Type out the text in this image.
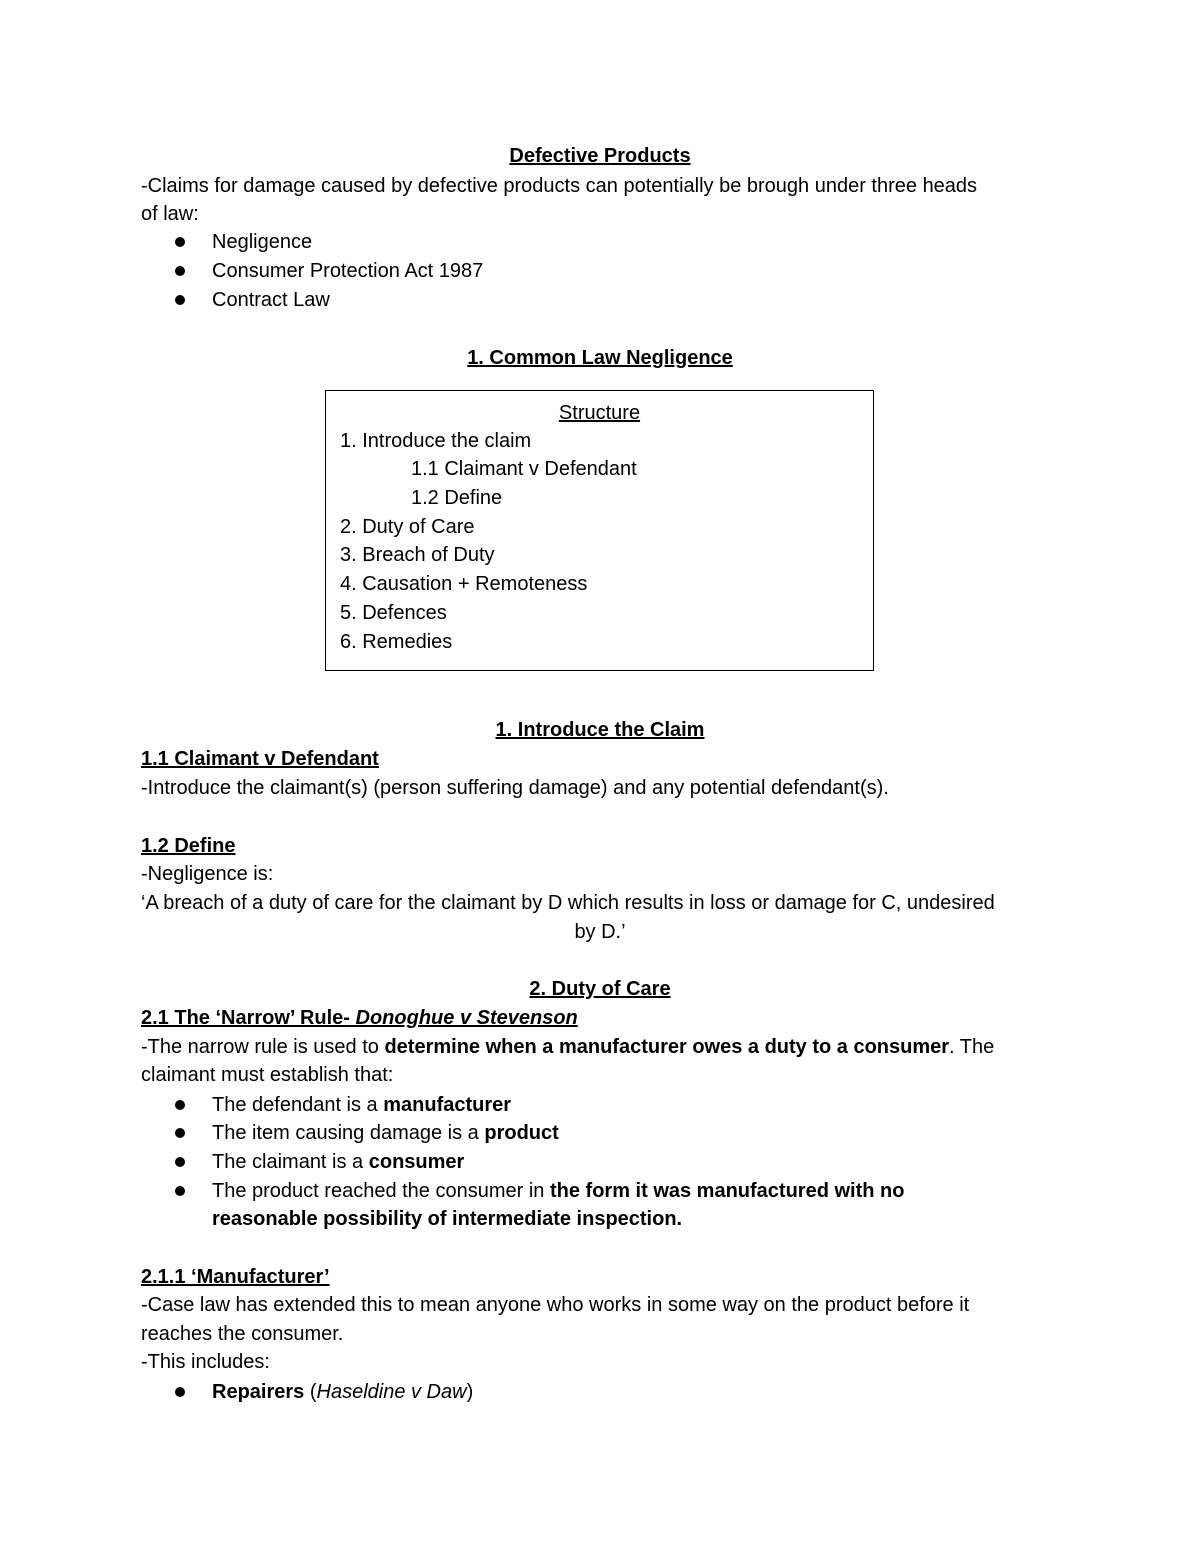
Defective Products
-Claims for damage caused by defective products can potentially be brough under three heads
of law:
Negligence
Consumer Protection Act 1987
Contract Law
1. Common Law Negligence
Structure
1. Introduce the claim
1.1 Claimant v Defendant
1.2 Define
2. Duty of Care
3. Breach of Duty
4. Causation + Remoteness
5. Defences
6. Remedies
1. Introduce the Claim
1.1 Claimant v Defendant
-Introduce the claimant(s) (person suffering damage) and any potential defendant(s).
1.2 Define
-Negligence is:
‘A breach of a duty of care for the claimant by D which results in loss or damage for C, undesired
by D.’
2. Duty of Care
2.1 The ‘Narrow’ Rule- Donoghue v Stevenson
-The narrow rule is used to determine when a manufacturer owes a duty to a consumer. The
claimant must establish that:
The defendant is a manufacturer
The item causing damage is a product
The claimant is a consumer
The product reached the consumer in the form it was manufactured with no
reasonable possibility of intermediate inspection.
2.1.1 ‘Manufacturer’
-Case law has extended this to mean anyone who works in some way on the product before it
reaches the consumer.
-This includes:
Repairers (Haseldine v Daw)
